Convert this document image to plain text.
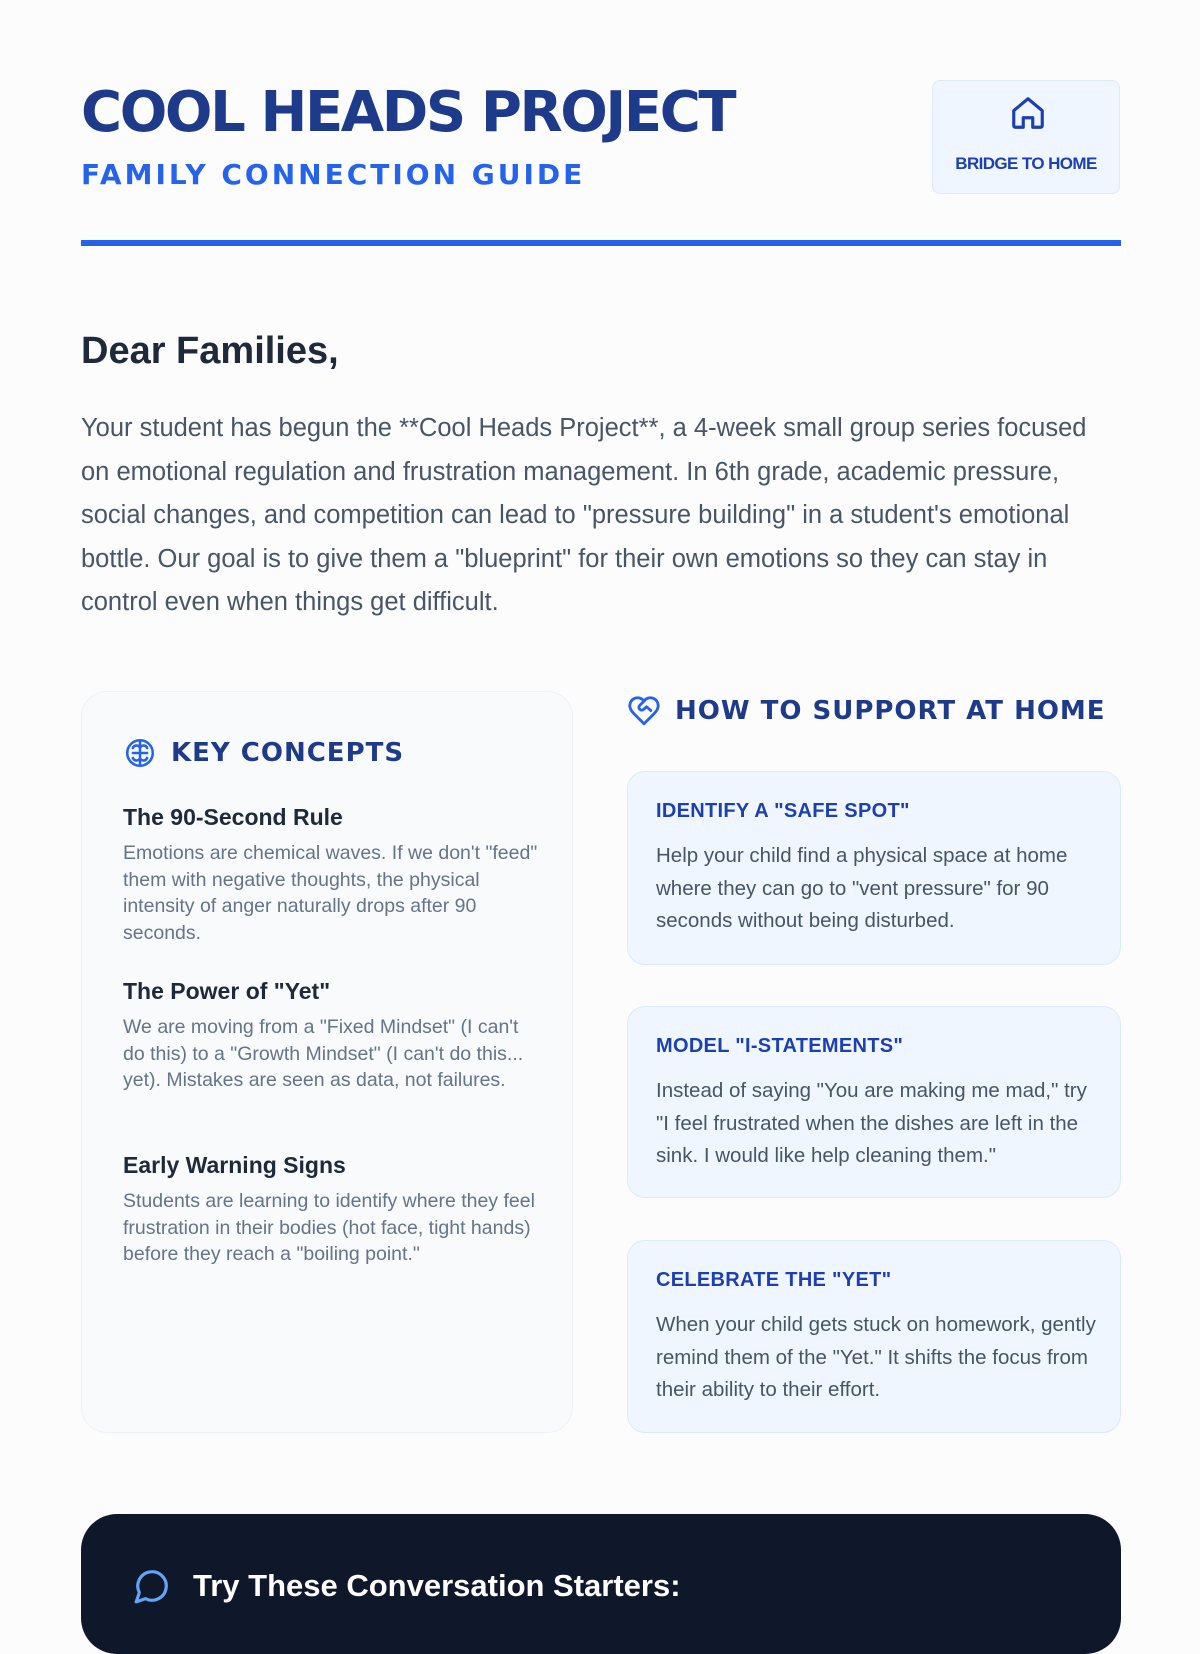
COOL HEADS PROJECT
FAMILY CONNECTION GUIDE	BRIDGE TO HOME
Dear Families,

Your student has begun the **Cool Heads Project**, a 4-week small group series focused on emotional regulation and frustration management. In 6th grade, academic pressure, social changes, and competition can lead to "pressure building" in a student's emotional bottle. Our goal is to give them a "blueprint" for their own emotions so they can stay in control even when things get difficult.

KEY CONCEPTS
The 90-Second Rule

Emotions are chemical waves. If we don't "feed" them with negative thoughts, the physical intensity of anger naturally drops after 90 seconds.

The Power of "Yet"

We are moving from a "Fixed Mindset" (I can't do this) to a "Growth Mindset" (I can't do this... yet). Mistakes are seen as data, not failures.

Early Warning Signs

Students are learning to identify where they feel frustration in their bodies (hot face, tight hands) before they reach a "boiling point."

HOW TO SUPPORT AT HOME
IDENTIFY A "SAFE SPOT"

Help your child find a physical space at home where they can go to "vent pressure" for 90 seconds without being disturbed.

MODEL "I-STATEMENTS"

Instead of saying "You are making me mad," try "I feel frustrated when the dishes are left in the sink. I would like help cleaning them."

CELEBRATE THE "YET"

When your child gets stuck on homework, gently remind them of the "Yet." It shifts the focus from their ability to their effort.

Try These Conversation Starters:
